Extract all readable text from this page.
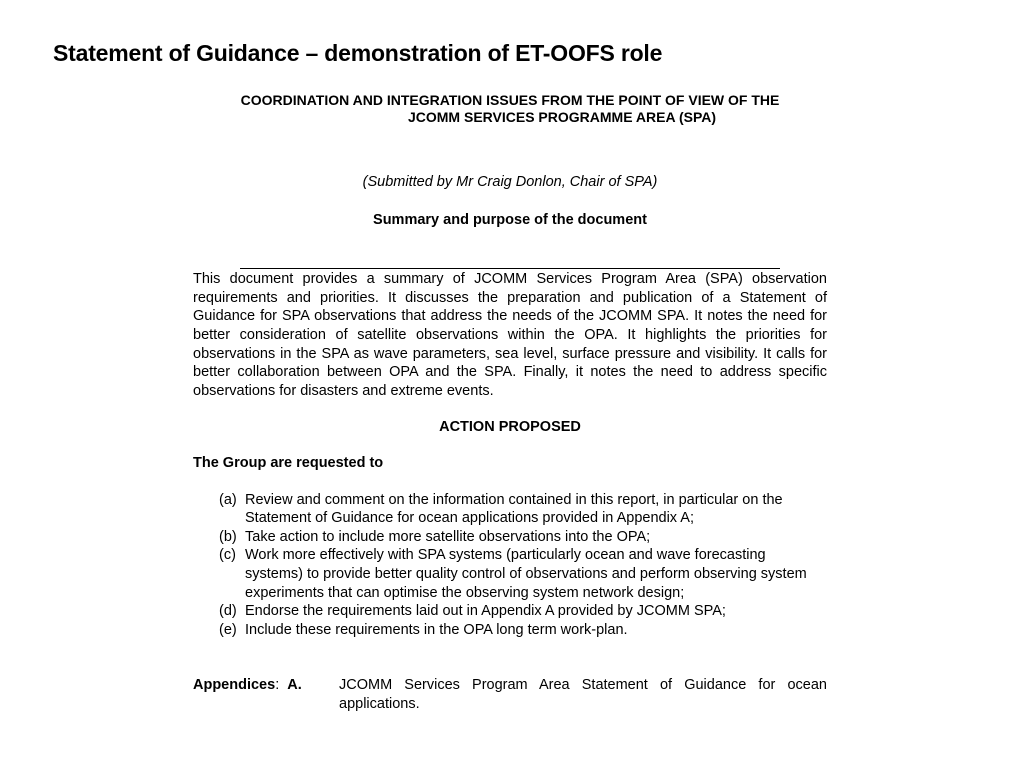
Statement of Guidance – demonstration of ET-OOFS role
COORDINATION AND INTEGRATION ISSUES FROM THE POINT OF VIEW OF THE
JCOMM SERVICES PROGRAMME AREA (SPA)
(Submitted by Mr Craig Donlon, Chair of SPA)
Summary and purpose of the document
This document provides a summary of JCOMM Services Program Area (SPA) observation requirements and priorities. It discusses the preparation and publication of a Statement of Guidance for SPA observations that address the needs of the JCOMM SPA. It notes the need for better consideration of satellite observations within the OPA. It highlights the priorities for observations in the SPA as wave parameters, sea level, surface pressure and visibility. It calls for better collaboration between OPA and the SPA. Finally, it notes the need to address specific observations for disasters and extreme events.
ACTION PROPOSED
The Group are requested to
(a) Review and comment on the information contained in this report, in particular on the Statement of Guidance for ocean applications provided in Appendix A;
(b) Take action to include more satellite observations into the OPA;
(c) Work more effectively with SPA systems (particularly ocean and wave forecasting systems) to provide better quality control of observations and perform observing system experiments that can optimise the observing system network design;
(d) Endorse the requirements laid out in Appendix A provided by JCOMM SPA;
(e) Include these requirements in the OPA long term work-plan.
Appendices: A.	JCOMM Services Program Area Statement of Guidance for ocean applications.
